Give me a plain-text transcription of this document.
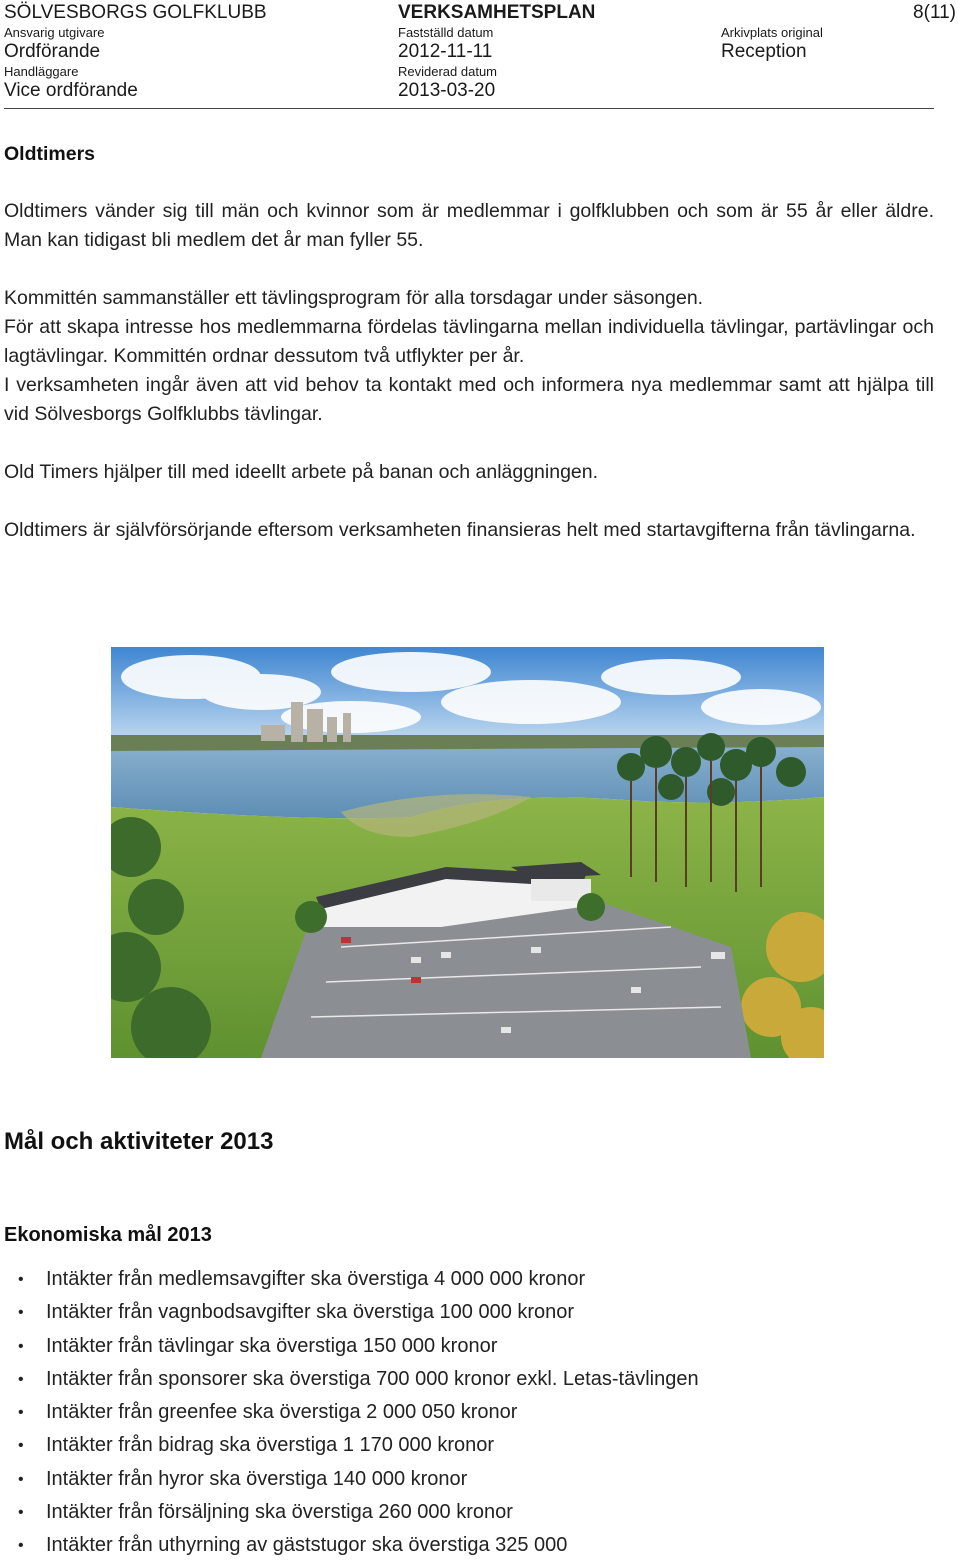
SÖLVESBORGS GOLFKLUBB	VERKSAMHETSPLAN	8(11)
Ansvarig utgivare	Fastställd datum	Arkivplats original
Ordförande	2012-11-11	Reception
Handläggare	Reviderad datum
Vice ordförande	2013-03-20
Oldtimers

Oldtimers vänder sig till män och kvinnor som är medlemmar i golfklubben och som är 55 år eller äldre. Man kan tidigast bli medlem det år man fyller 55.

Kommittén sammanställer ett tävlingsprogram för alla torsdagar under säsongen.

För att skapa intresse hos medlemmarna fördelas tävlingarna mellan individuella tävlingar, partävlingar och lagtävlingar. Kommittén ordnar dessutom två utflykter per år.

I verksamheten ingår även att vid behov ta kontakt med och informera nya medlemmar samt att hjälpa till vid Sölvesborgs Golfklubbs tävlingar.

Old Timers hjälper till med ideellt arbete på banan och anläggningen.

Oldtimers är självförsörjande eftersom verksamheten finansieras helt med startavgifterna från tävlingarna.

Mål och aktiviteter 2013
Ekonomiska mål 2013
• Intäkter från medlemsavgifter ska överstiga 4 000 000 kronor
• Intäkter från vagnbodsavgifter ska överstiga 100 000 kronor
• Intäkter från tävlingar ska överstiga 150 000 kronor
• Intäkter från sponsorer ska överstiga 700 000 kronor exkl. Letas-tävlingen
• Intäkter från greenfee ska överstiga 2 000 050 kronor
• Intäkter från bidrag ska överstiga 1 170 000 kronor
• Intäkter från hyror ska överstiga 140 000 kronor
• Intäkter från försäljning ska överstiga 260 000 kronor
• Intäkter från uthyrning av gäststugor ska överstiga 325 000
